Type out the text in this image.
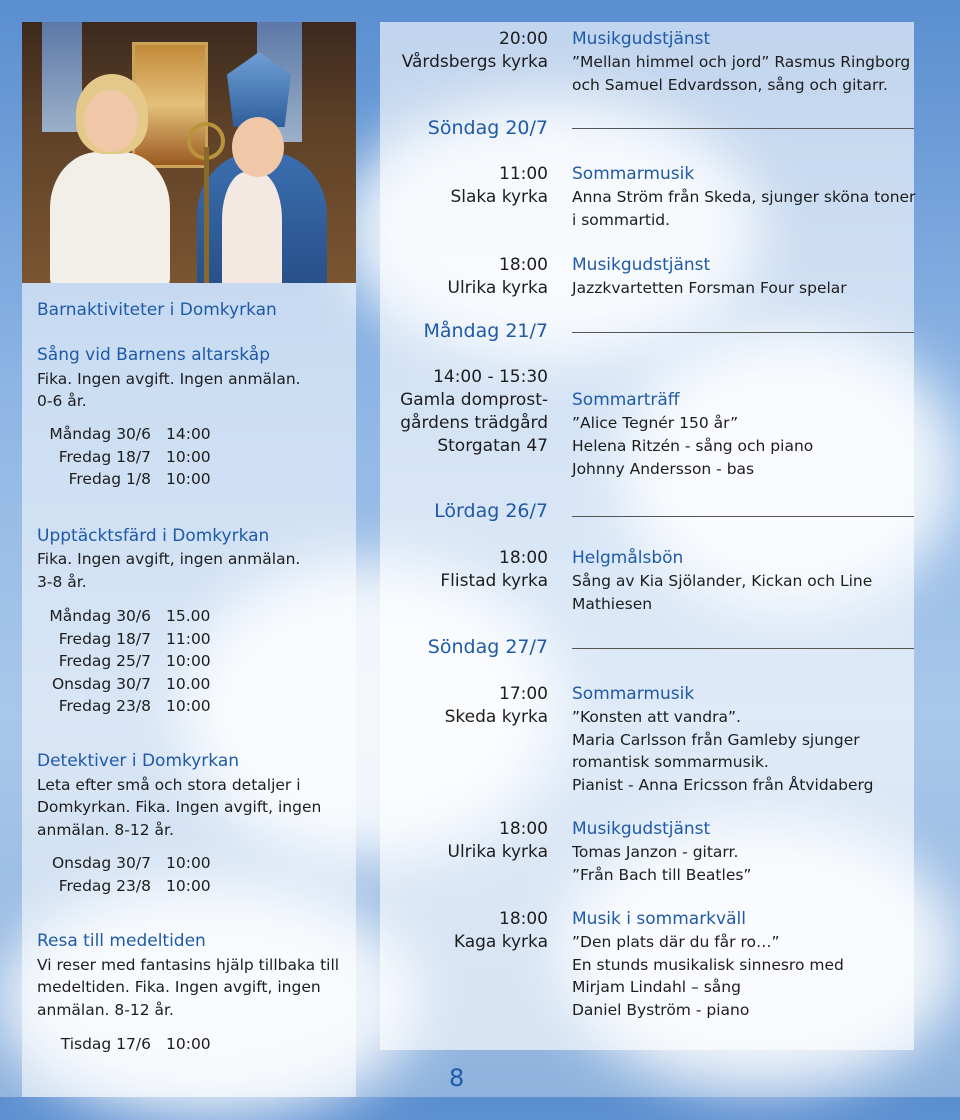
Barnaktiviteter i Domkyrkan
Sång vid Barnens altarskåp
Fika. Ingen avgift. Ingen anmälan.
0-6 år.
Måndag 30/6 14:00
Fredag 18/7 10:00
Fredag 1/8 10:00
Upptäcktsfärd i Domkyrkan
Fika. Ingen avgift, ingen anmälan.
3-8 år.
Måndag 30/6 15.00
Fredag 18/7 11:00
Fredag 25/7 10:00
Onsdag 30/7 10.00
Fredag 23/8 10:00
Detektiver i Domkyrkan
Leta efter små och stora detaljer i
Domkyrkan. Fika. Ingen avgift, ingen
anmälan. 8-12 år.
Onsdag 30/7 10:00
Fredag 23/8 10:00
Resa till medeltiden
Vi reser med fantasins hjälp tillbaka till
medeltiden. Fika. Ingen avgift, ingen
anmälan. 8-12 år.
Tisdag 17/6 10:00
Söndag 20/7
Måndag 21/7
Lördag 26/7
Söndag 27/7
20:00
Vårdsbergs kyrka
11:00
Slaka kyrka
18:00
Ulrika kyrka
14:00 - 15:30
Gamla domprost-
gårdens trädgård
Storgatan 47
18:00
Flistad kyrka
17:00
Skeda kyrka
18:00
Ulrika kyrka
18:00
Kaga kyrka
Musikgudstjänst
”Mellan himmel och jord” Rasmus Ringborg
och Samuel Edvardsson, sång och gitarr.
Sommarmusik
Anna Ström från Skeda, sjunger sköna toner
i sommartid.
Musikgudstjänst
Jazzkvartetten Forsman Four spelar
Sommarträff
”Alice Tegnér 150 år”
Helena Ritzén - sång och piano
Johnny Andersson - bas
Helgmålsbön
Sång av Kia Sjölander, Kickan och Line
Mathiesen
Sommarmusik
”Konsten att vandra”.
Maria Carlsson från Gamleby sjunger
romantisk sommarmusik.
Pianist - Anna Ericsson från Åtvidaberg
Musikgudstjänst
Tomas Janzon - gitarr.
”Från Bach till Beatles”
Musik i sommarkväll
”Den plats där du får ro…”
En stunds musikalisk sinnesro med
Mirjam Lindahl – sång
Daniel Byström - piano
8
